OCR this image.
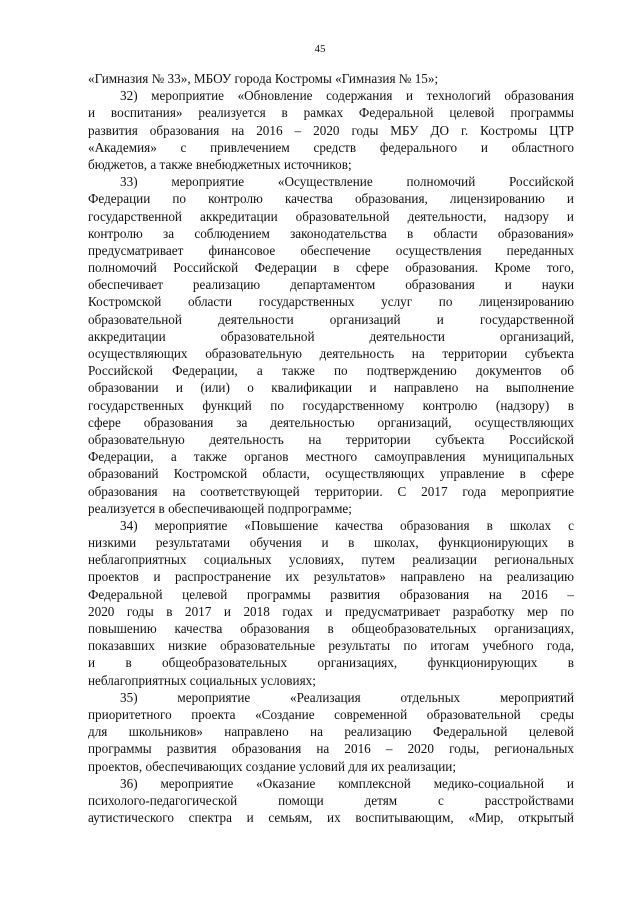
45
«Гимназия № 33», МБОУ города Костромы «Гимназия № 15»;
32) мероприятие «Обновление содержания и технологий образования
и воспитания» реализуется в рамках Федеральной целевой программы
развития образования на 2016 – 2020 годы МБУ ДО г. Костромы ЦТР
«Академия» с привлечением средств федерального и областного
бюджетов, а также внебюджетных источников;
33) мероприятие «Осуществление полномочий Российской
Федерации по контролю качества образования, лицензированию и
государственной аккредитации образовательной деятельности, надзору и
контролю за соблюдением законодательства в области образования»
предусматривает финансовое обеспечение осуществления переданных
полномочий Российской Федерации в сфере образования. Кроме того,
обеспечивает реализацию департаментом образования и науки
Костромской области государственных услуг по лицензированию
образовательной деятельности организаций и государственной
аккредитации образовательной деятельности организаций,
осуществляющих образовательную деятельность на территории субъекта
Российской Федерации, а также по подтверждению документов об
образовании и (или) о квалификации и направлено на выполнение
государственных функций по государственному контролю (надзору) в
сфере образования за деятельностью организаций, осуществляющих
образовательную деятельность на территории субъекта Российской
Федерации, а также органов местного самоуправления муниципальных
образований Костромской области, осуществляющих управление в сфере
образования на соответствующей территории. С 2017 года мероприятие
реализуется в обеспечивающей подпрограмме;
34) мероприятие «Повышение качества образования в школах с
низкими результатами обучения и в школах, функционирующих в
неблагоприятных социальных условиях, путем реализации региональных
проектов и распространение их результатов» направлено на реализацию
Федеральной целевой программы развития образования на 2016 –
2020 годы в 2017 и 2018 годах и предусматривает разработку мер по
повышению качества образования в общеобразовательных организациях,
показавших низкие образовательные результаты по итогам учебного года,
и в общеобразовательных организациях, функционирующих в
неблагоприятных социальных условиях;
35) мероприятие «Реализация отдельных мероприятий
приоритетного проекта «Создание современной образовательной среды
для школьников» направлено на реализацию Федеральной целевой
программы развития образования на 2016 – 2020 годы, региональных
проектов, обеспечивающих создание условий для их реализации;
36) мероприятие «Оказание комплексной медико-социальной и
психолого-педагогической помощи детям с расстройствами
аутистического спектра и семьям, их воспитывающим, «Мир, открытый
